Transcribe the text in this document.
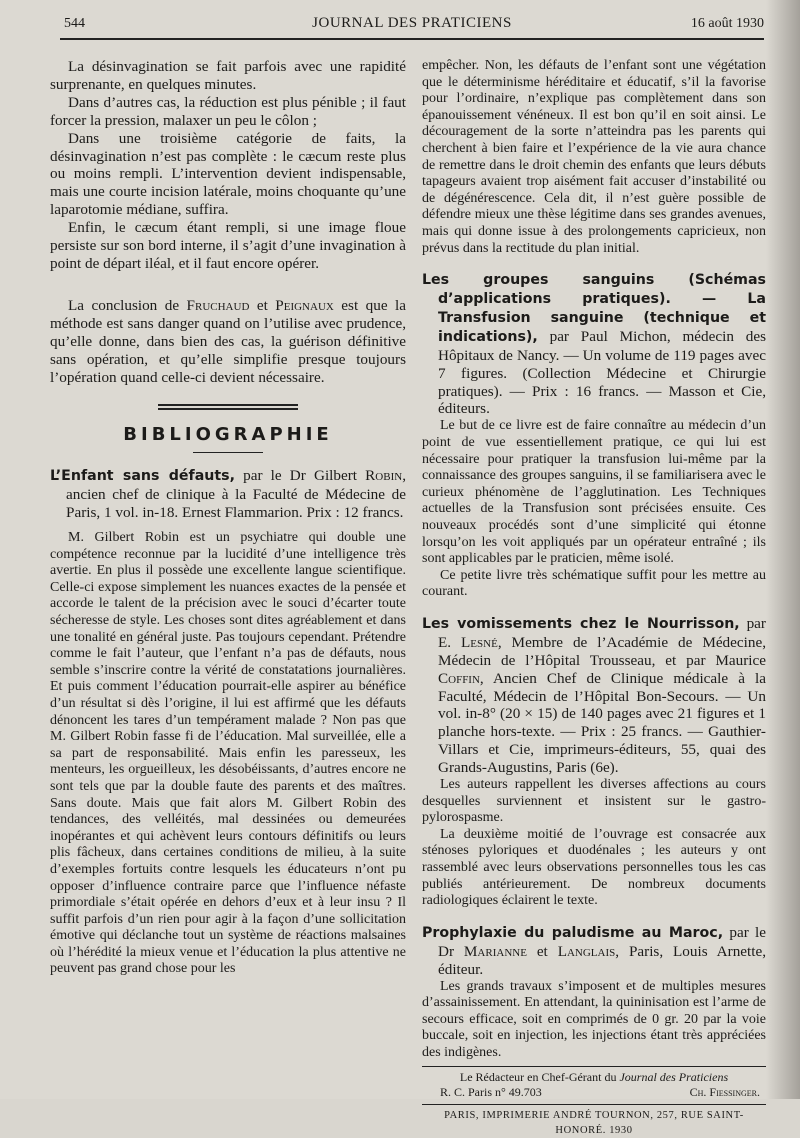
544	JOURNAL DES PRATICIENS	16 août 1930

La désinvagination se fait parfois avec une rapidité surprenante, en quelques minutes.

Dans d’autres cas, la réduction est plus pénible ; il faut forcer la pression, malaxer un peu le côlon ;

Dans une troisième catégorie de faits, la désinvagination n’est pas complète : le cæcum reste plus ou moins rempli. L’intervention devient indispensable, mais une courte incision latérale, moins choquante qu’une laparotomie médiane, suffira.

Enfin, le cæcum étant rempli, si une image floue persiste sur son bord interne, il s’agit d’une invagination à point de départ iléal, et il faut encore opérer.

La conclusion de Fruchaud et Peignaux est que la méthode est sans danger quand on l’utilise avec prudence, qu’elle donne, dans bien des cas, la guérison définitive sans opération, et qu’elle simplifie presque toujours l’opération quand celle-ci devient nécessaire.

BIBLIOGRAPHIE

L’Enfant sans défauts, par le Dr Gilbert Robin, ancien chef de clinique à la Faculté de Médecine de Paris, 1 vol. in-18. Ernest Flammarion. Prix : 12 francs.

M. Gilbert Robin est un psychiatre qui double une compétence reconnue par la lucidité d’une intelligence très avertie. En plus il possède une excellente langue scientifique. Celle-ci expose simplement les nuances exactes de la pensée et accorde le talent de la précision avec le souci d’écarter toute sécheresse de style. Les choses sont dites agréablement et dans une tonalité en général juste. Pas toujours cependant. Prétendre comme le fait l’auteur, que l’enfant n’a pas de défauts, nous semble s’inscrire contre la vérité de constatations journalières. Et puis comment l’éducation pourrait-elle aspirer au bénéfice d’un résultat si dès l’origine, il lui est affirmé que les défauts dénoncent les tares d’un tempérament malade ? Non pas que M. Gilbert Robin fasse fi de l’éducation. Mal surveillée, elle a sa part de responsabilité. Mais enfin les paresseux, les menteurs, les orgueilleux, les désobéissants, d’autres encore ne sont tels que par la double faute des parents et des maîtres. Sans doute. Mais que fait alors M. Gilbert Robin des tendances, des velléités, mal dessinées ou demeurées inopérantes et qui achèvent leurs contours définitifs ou leurs plis fâcheux, dans certaines conditions de milieu, à la suite d’exemples fortuits contre lesquels les éducateurs n’ont pu opposer d’influence contraire parce que l’influence néfaste primordiale s’était opérée en dehors d’eux et à leur insu ? Il suffit parfois d’un rien pour agir à la façon d’une sollicitation émotive qui déclanche tout un système de réactions malsaines où l’hérédité la mieux venue et l’éducation la plus attentive ne peuvent pas grand chose pour les

empêcher. Non, les défauts de l’enfant sont une végétation que le déterminisme héréditaire et éducatif, s’il la favorise pour l’ordinaire, n’explique pas complètement dans son épanouissement vénéneux. Il est bon qu’il en soit ainsi. Le découragement de la sorte n’atteindra pas les parents qui cherchent à bien faire et l’expérience de la vie aura chance de remettre dans le droit chemin des enfants que leurs débuts tapageurs avaient trop aisément fait accuser d’instabilité ou de dégénérescence. Cela dit, il n’est guère possible de défendre mieux une thèse légitime dans ses grandes avenues, mais qui donne issue à des prolongements capricieux, non prévus dans la rectitude du plan initial.

Les groupes sanguins (Schémas d’applications pratiques). — La Transfusion sanguine (technique et indications), par Paul Michon, médecin des Hôpitaux de Nancy. — Un volume de 119 pages avec 7 figures. (Collection Médecine et Chirurgie pratiques). — Prix : 16 francs. — Masson et Cie, éditeurs.

Le but de ce livre est de faire connaître au médecin d’un point de vue essentiellement pratique, ce qui lui est nécessaire pour pratiquer la transfusion lui-même par la connaissance des groupes sanguins, il se familiarisera avec le curieux phénomène de l’agglutination. Les Techniques actuelles de la Transfusion sont précisées ensuite. Ces nouveaux procédés sont d’une simplicité qui étonne lorsqu’on les voit appliqués par un opérateur entraîné ; ils sont applicables par le praticien, même isolé.

Ce petite livre très schématique suffit pour les mettre au courant.

Les vomissements chez le Nourrisson, par E. Lesné, Membre de l’Académie de Médecine, Médecin de l’Hôpital Trousseau, et par Maurice Coffin, Ancien Chef de Clinique médicale à la Faculté, Médecin de l’Hôpital Bon-Secours. — Un vol. in-8° (20 × 15) de 140 pages avec 21 figures et 1 planche hors-texte. — Prix : 25 francs. — Gauthier-Villars et Cie, imprimeurs-éditeurs, 55, quai des Grands-Augustins, Paris (6e).

Les auteurs rappellent les diverses affections au cours desquelles surviennent et insistent sur le gastro-pylorospasme.

La deuxième moitié de l’ouvrage est consacrée aux sténoses pyloriques et duodénales ; les auteurs y ont rassemblé avec leurs observations personnelles tous les cas publiés antérieurement. De nombreux documents radiologiques éclairent le texte.

Prophylaxie du paludisme au Maroc, par le Dr Marianne et Langlais, Paris, Louis Arnette, éditeur.

Les grands travaux s’imposent et de multiples mesures d’assainissement. En attendant, la quininisation est l’arme de secours efficace, soit en comprimés de 0 gr. 20 par la voie buccale, soit en injection, les injections étant très appréciées des indigènes.

Le Rédacteur en Chef-Gérant du Journal des Praticiens
R. C. Paris n° 49.703	Ch. Fiessinger.
PARIS, IMPRIMERIE ANDRÉ TOURNON, 257, RUE SAINT-HONORÉ. 1930
